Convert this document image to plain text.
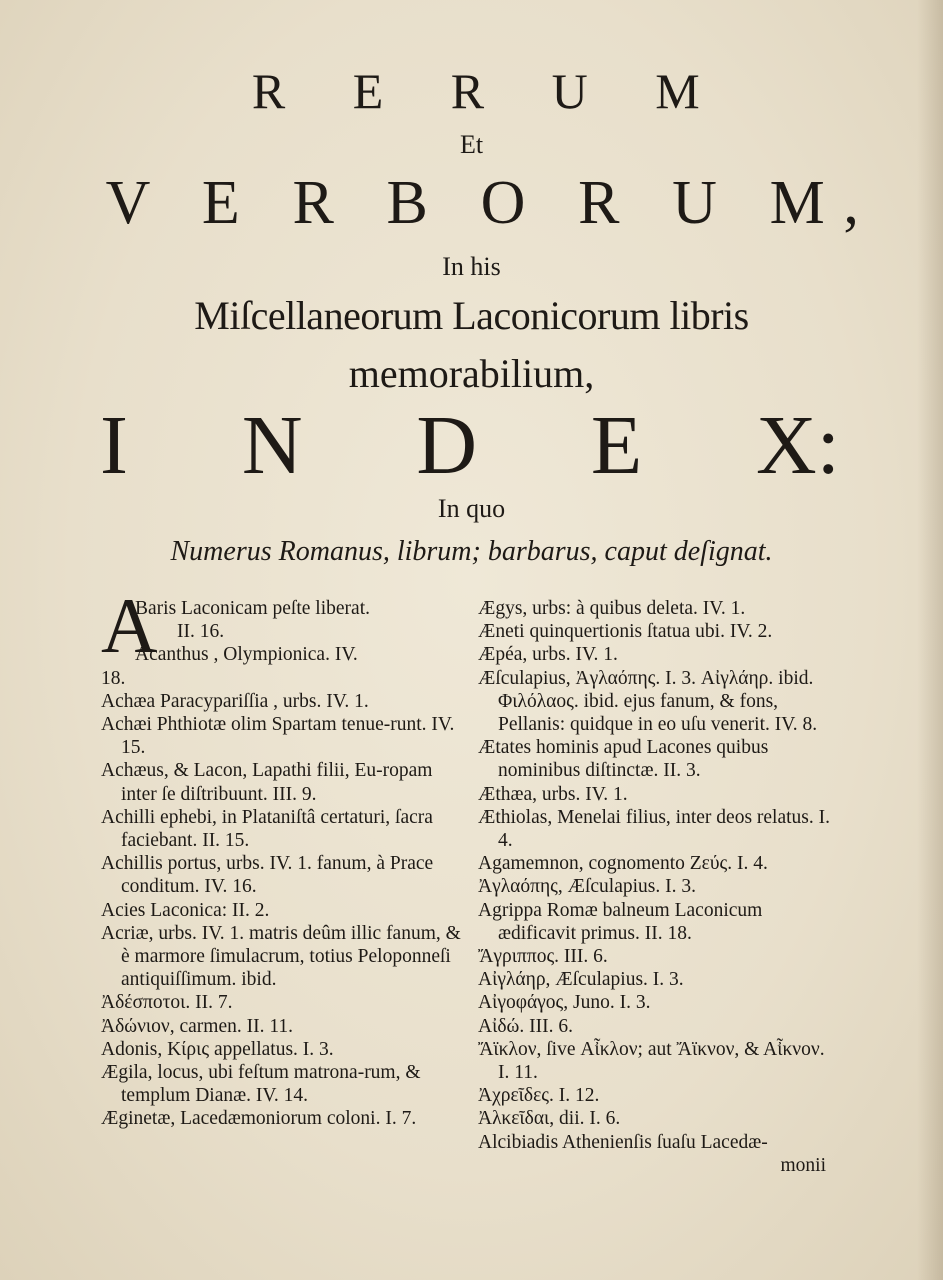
R E R U M
Et
V E R B O R U M,
In his
Miſcellaneorum Laconicorum libris
memorabilium,
I N D E X:
In quo
Numerus Romanus, librum; barbarus, caput deſignat.
A
Baris Laconicam peſte liberat.
II. 16.
Acanthus , Olympionica. IV.
18.

Achæa Paracypariſſia , urbs. IV. 1.

Achæi Phthiotæ olim Spartam tenue-runt. IV. 15.

Achæus, & Lacon, Lapathi filii, Eu-ropam inter ſe diſtribuunt. III. 9.

Achilli ephebi, in Plataniſtâ certaturi, ſacra faciebant. II. 15.

Achillis portus, urbs. IV. 1. fanum, à Prace conditum. IV. 16.

Acies Laconica: II. 2.

Acriæ, urbs. IV. 1. matris deûm illic fanum, & è marmore ſimulacrum, totius Peloponneſi antiquiſſimum. ibid.

Ἀδέσποτοι. II. 7.

Ἀδώνιον, carmen. II. 11.

Adonis, Κίρις appellatus. I. 3.

Ægila, locus, ubi feſtum matrona-rum, & templum Dianæ. IV. 14.

Æginetæ, Lacedæmoniorum coloni. I. 7.

Ægys, urbs: à quibus deleta. IV. 1.

Æneti quinquertionis ſtatua ubi. IV. 2.

Æpéa, urbs. IV. 1.

Æſculapius, Ἀγλαόπης. I. 3. Αἰγλάηρ. ibid. Φιλόλαος. ibid. ejus fanum, & fons, Pellanis: quidque in eo uſu venerit. IV. 8.

Ætates hominis apud Lacones quibus nominibus diſtinctæ. II. 3.

Æthæa, urbs. IV. 1.

Æthiolas, Menelai filius, inter deos relatus. I. 4.

Agamemnon, cognomento Ζεύς. I. 4.

Ἀγλαόπης, Æſculapius. I. 3.

Agrippa Romæ balneum Laconicum ædificavit primus. II. 18.

Ἄγριππος. III. 6.

Αἰγλάηρ, Æſculapius. I. 3.

Αἰγοφάγος, Juno. I. 3.

Αἰδώ. III. 6.

Ἄϊκλον, ſive Αἶκλον; aut Ἄϊκνον, & Αἶκνον. I. 11.

Ἀχρεῖδες. I. 12.

Ἀλκεῖδαι, dii. I. 6.

Alcibiadis Athenienſis ſuaſu Lacedæ-

monii
